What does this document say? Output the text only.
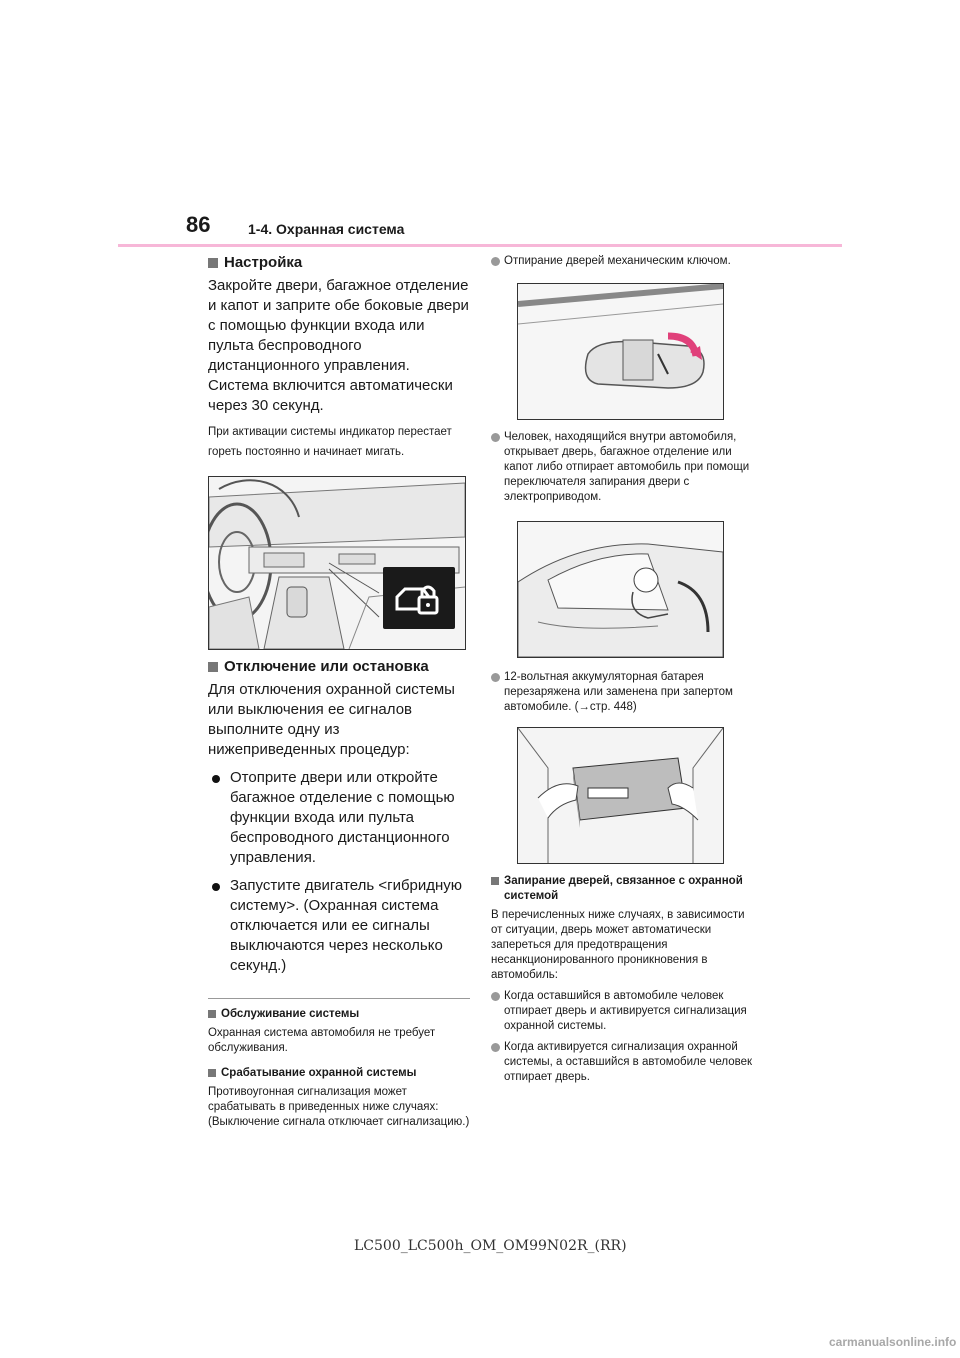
86	1-4. Охранная система
Настройка

Закройте двери, багажное отделение и капот и заприте обе боковые двери с помощью функции входа или пульта беспроводного дистанционного управления. Система включится автоматически через 30 секунд.

При активации системы индикатор перестает гореть постоянно и начинает мигать.

Отключение или остановка

Для отключения охранной системы или выключения ее сигналов выполните одну из нижеприведенных процедур:

Отоприте двери или откройте багажное отделение с помощью функции входа или пульта беспроводного дистанционного управления.
Запустите двигатель <гибридную систему>. (Охранная система отключается или ее сигналы выключаются через несколько секунд.)
Обслуживание системы

Охранная система автомобиля не требует обслуживания.

Срабатывание охранной системы

Противоугонная сигнализация может срабатывать в приведенных ниже случаях: (Выключение сигнала отключает сигнализацию.)

Отпирание дверей механическим ключом.
Человек, находящийся внутри автомобиля, открывает дверь, багажное отделение или капот либо отпирает автомобиль при помощи переключателя запирания двери с электроприводом.
12-вольтная аккумуляторная батарея перезаряжена или заменена при запертом автомобиле. (→стр. 448)
Запирание дверей, связанное с охранной системой

В перечисленных ниже случаях, в зависимости от ситуации, дверь может автоматически запереться для предотвращения несанкционированного проникновения в автомобиль:

Когда оставшийся в автомобиле человек отпирает дверь и активируется сигнализация охранной системы.
Когда активируется сигнализация охранной системы, а оставшийся в автомобиле человек отпирает дверь.
LC500_LC500h_OM_OM99N02R_(RR)
carmanualsonline.info
